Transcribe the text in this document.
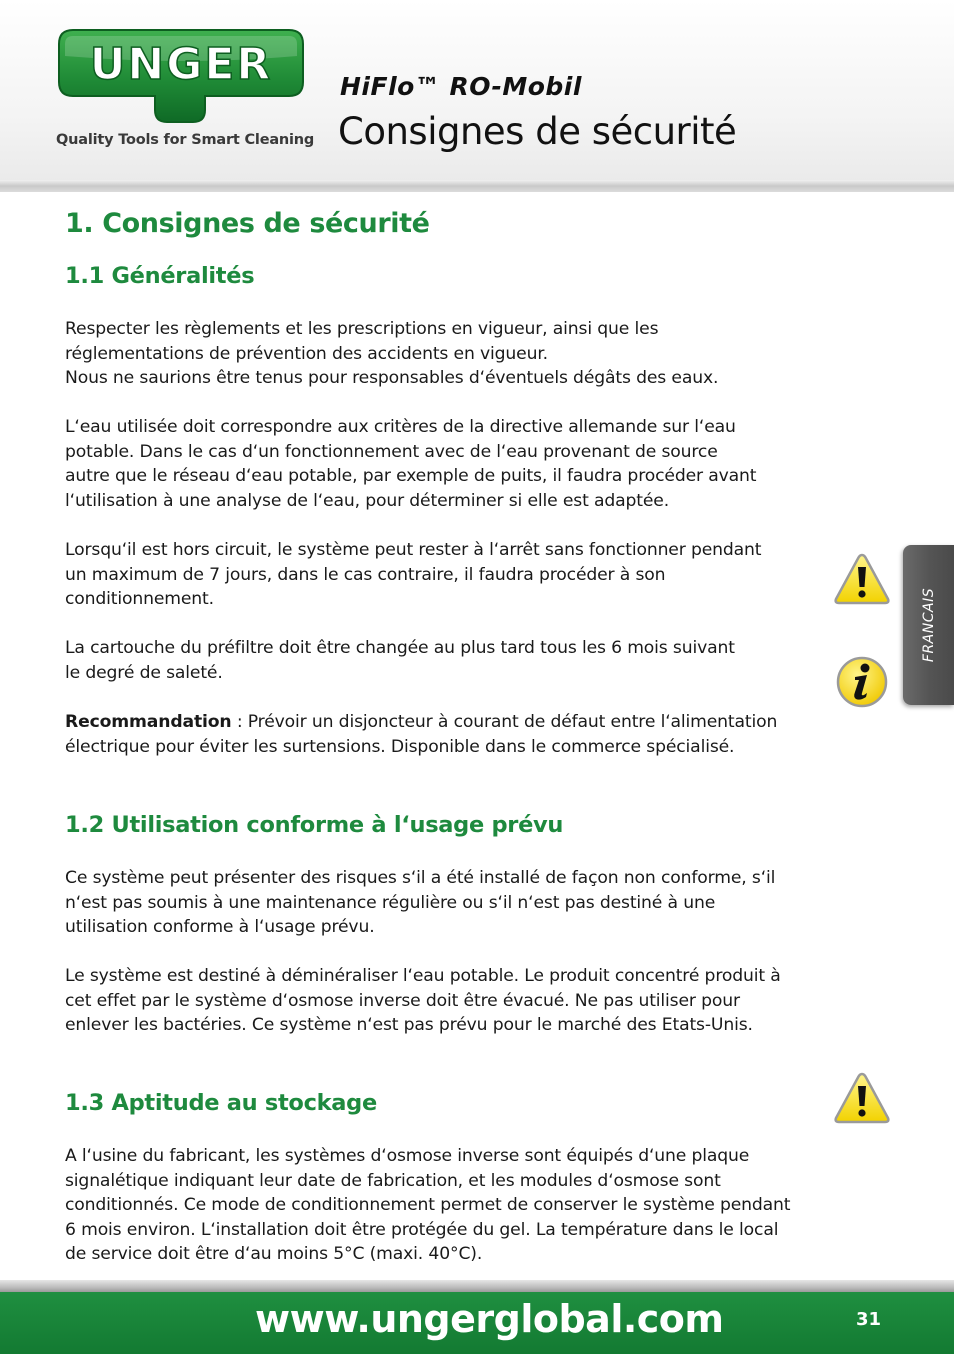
UNGER
Quality Tools for Smart Cleaning
HiFlo™ RO-Mobil
Consignes de sécurité
1. Consignes de sécurité
1.1 Généralités
Respecter les règlements et les prescriptions en vigueur, ainsi que les
réglementations de prévention des accidents en vigueur.
Nous ne saurions être tenus pour responsables d‘éventuels dégâts des eaux.
L‘eau utilisée doit correspondre aux critères de la directive allemande sur l‘eau
potable. Dans le cas d‘un fonctionnement avec de l‘eau provenant de source
autre que le réseau d‘eau potable, par exemple de puits, il faudra procéder avant
l‘utilisation à une analyse de l‘eau, pour déterminer si elle est adaptée.
Lorsqu‘il est hors circuit, le système peut rester à l‘arrêt sans fonctionner pendant
un maximum de 7 jours, dans le cas contraire, il faudra procéder à son
conditionnement.
La cartouche du préfiltre doit être changée au plus tard tous les 6 mois suivant
le degré de saleté.
Recommandation : Prévoir un disjoncteur à courant de défaut entre l‘alimentation
électrique pour éviter les surtensions. Disponible dans le commerce spécialisé.
1.2 Utilisation conforme à l‘usage prévu
Ce système peut présenter des risques s‘il a été installé de façon non conforme, s‘il
n‘est pas soumis à une maintenance régulière ou s‘il n‘est pas destiné à une
utilisation conforme à l‘usage prévu.
Le système est destiné à déminéraliser l‘eau potable. Le produit concentré produit à
cet effet par le système d‘osmose inverse doit être évacué. Ne pas utiliser pour
enlever les bactéries. Ce système n‘est pas prévu pour le marché des Etats-Unis.
1.3 Aptitude au stockage
A l‘usine du fabricant, les systèmes d‘osmose inverse sont équipés d‘une plaque
signalétique indiquant leur date de fabrication, et les modules d‘osmose sont
conditionnés. Ce mode de conditionnement permet de conserver le système pendant
6 mois environ. L‘installation doit être protégée du gel. La température dans le local
de service doit être d‘au moins 5°C (maxi. 40°C).
FRANCAIS
www.ungerglobal.com	31
